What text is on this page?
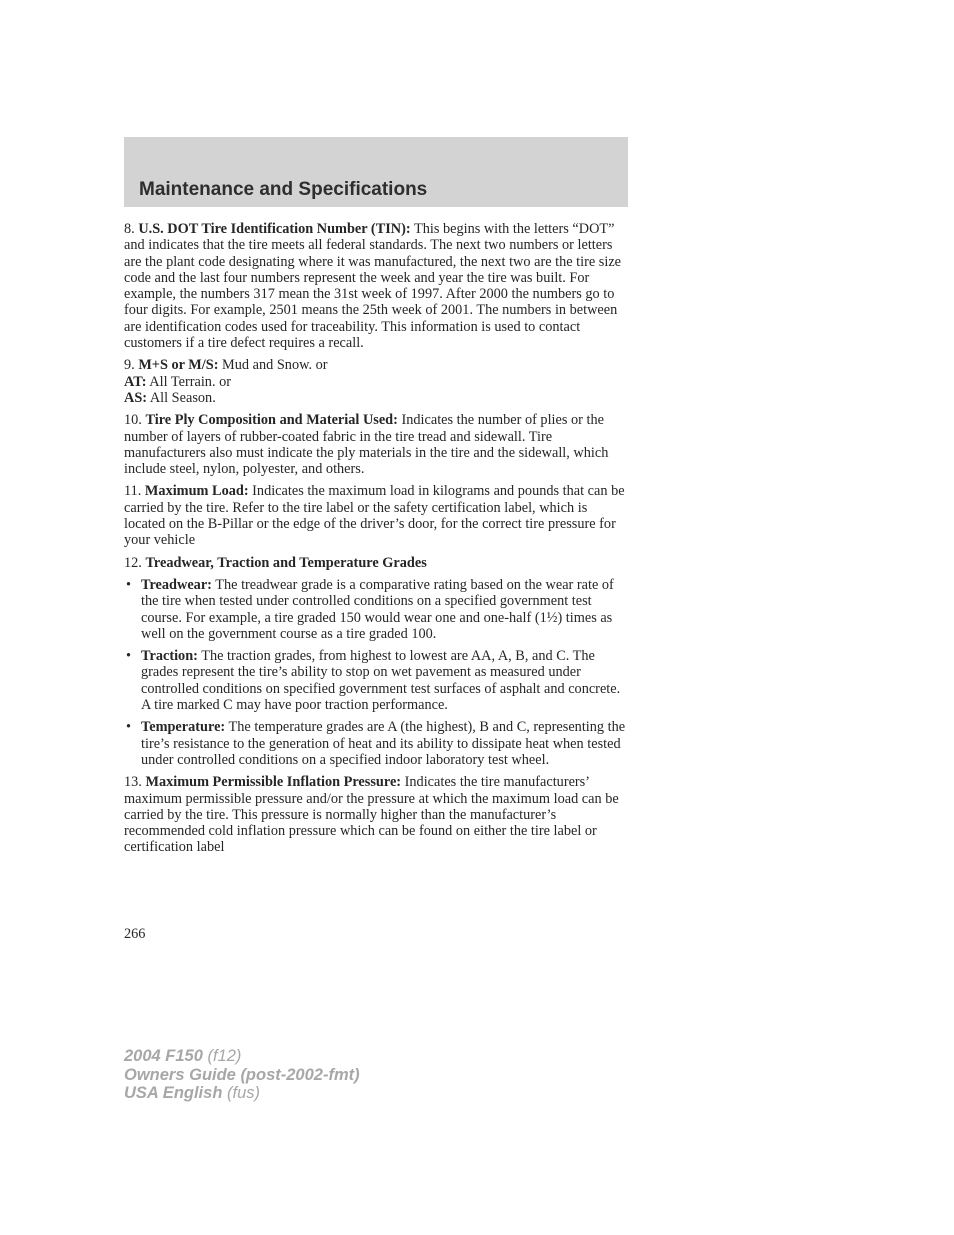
Maintenance and Specifications
8. U.S. DOT Tire Identification Number (TIN): This begins with the letters “DOT” and indicates that the tire meets all federal standards. The next two numbers or letters are the plant code designating where it was manufactured, the next two are the tire size code and the last four numbers represent the week and year the tire was built. For example, the numbers 317 mean the 31st week of 1997. After 2000 the numbers go to four digits. For example, 2501 means the 25th week of 2001. The numbers in between are identification codes used for traceability. This information is used to contact customers if a tire defect requires a recall.

9. M+S or M/S: Mud and Snow. or

AT: All Terrain. or

AS: All Season.

10. Tire Ply Composition and Material Used: Indicates the number of plies or the number of layers of rubber-coated fabric in the tire tread and sidewall. Tire manufacturers also must indicate the ply materials in the tire and the sidewall, which include steel, nylon, polyester, and others.
11. Maximum Load: Indicates the maximum load in kilograms and pounds that can be carried by the tire. Refer to the tire label or the safety certification label, which is located on the B-Pillar or the edge of the driver’s door, for the correct tire pressure for your vehicle
12. Treadwear, Traction and Temperature Grades
• Treadwear: The treadwear grade is a comparative rating based on the wear rate of the tire when tested under controlled conditions on a specified government test course. For example, a tire graded 150 would wear one and one-half (1½) times as well on the government course as a tire graded 100.
• Traction: The traction grades, from highest to lowest are AA, A, B, and C. The grades represent the tire’s ability to stop on wet pavement as measured under controlled conditions on specified government test surfaces of asphalt and concrete. A tire marked C may have poor traction performance.
• Temperature: The temperature grades are A (the highest), B and C, representing the tire’s resistance to the generation of heat and its ability to dissipate heat when tested under controlled conditions on a specified indoor laboratory test wheel.
13. Maximum Permissible Inflation Pressure: Indicates the tire manufacturers’ maximum permissible pressure and/or the pressure at which the maximum load can be carried by the tire. This pressure is normally higher than the manufacturer’s recommended cold inflation pressure which can be found on either the tire label or certification label
266
2004 F150 (f12)
Owners Guide (post-2002-fmt)
USA English (fus)
